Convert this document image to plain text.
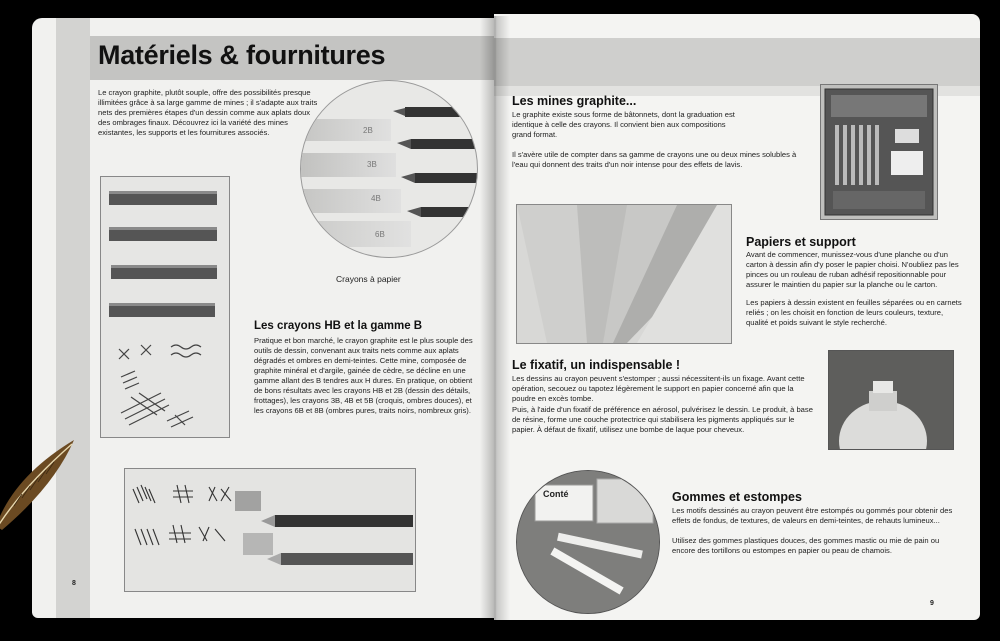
Matériels & fournitures
Le crayon graphite, plutôt souple, offre des possibilités presque illimitées grâce à sa large gamme de mines ; il s'adapte aux traits nets des premières étapes d'un dessin comme aux aplats doux des ombrages finaux. Découvrez ici la variété des mines existantes, les supports et les fournitures associés.	2B
3B
4B
6B
Crayons à papier
Les crayons HB et la gamme B
Pratique et bon marché, le crayon graphite est le plus souple des outils de dessin, convenant aux traits nets comme aux aplats dégradés et ombres en demi-teintes. Cette mine, composée de graphite minéral et d'argile, gainée de cèdre, se décline en une gamme allant des B tendres aux H dures. En pratique, on obtient de bons résultats avec les crayons HB et 2B (dessin des détails, frottages), les crayons 3B, 4B et 5B (croquis, ombres douces), et les crayons 6B et 8B (ombres pures, traits noirs, nombreux gris).
8
Les mines graphite...
Le graphite existe sous forme de bâtonnets, dont la graduation est identique à celle des crayons. Il convient bien aux compositions grand format.
Il s'avère utile de compter dans sa gamme de crayons une ou deux mines solubles à l'eau qui donnent des traits d'un noir intense pour des effets de lavis.
Papiers et support
Avant de commencer, munissez-vous d'une planche ou d'un carton à dessin afin d'y poser le papier choisi. N'oubliez pas les pinces ou un rouleau de ruban adhésif repositionnable pour assurer le maintien du papier sur la planche ou le carton.
Les papiers à dessin existent en feuilles séparées ou en carnets reliés ; on les choisit en fonction de leurs couleurs, texture, qualité et poids suivant le style recherché.
Le fixatif, un indispensable !
Les dessins au crayon peuvent s'estomper ; aussi nécessitent-ils un fixage. Avant cette opération, secouez ou tapotez légèrement le support en papier concerné afin que la poudre en excès tombe.
Puis, à l'aide d'un fixatif de préférence en aérosol, pulvérisez le dessin. Le produit, à base de résine, forme une couche protectrice qui stabilisera les pigments appliqués sur le papier. À défaut de fixatif, utilisez une bombe de laque pour cheveux.
Conté	Gommes et estompes
Les motifs dessinés au crayon peuvent être estompés ou gommés pour obtenir des effets de fondus, de textures, de valeurs en demi-teintes, de rehauts lumineux...
Utilisez des gommes plastiques douces, des gommes mastic ou mie de pain ou encore des tortillons ou estompes en papier ou peau de chamois.
9
